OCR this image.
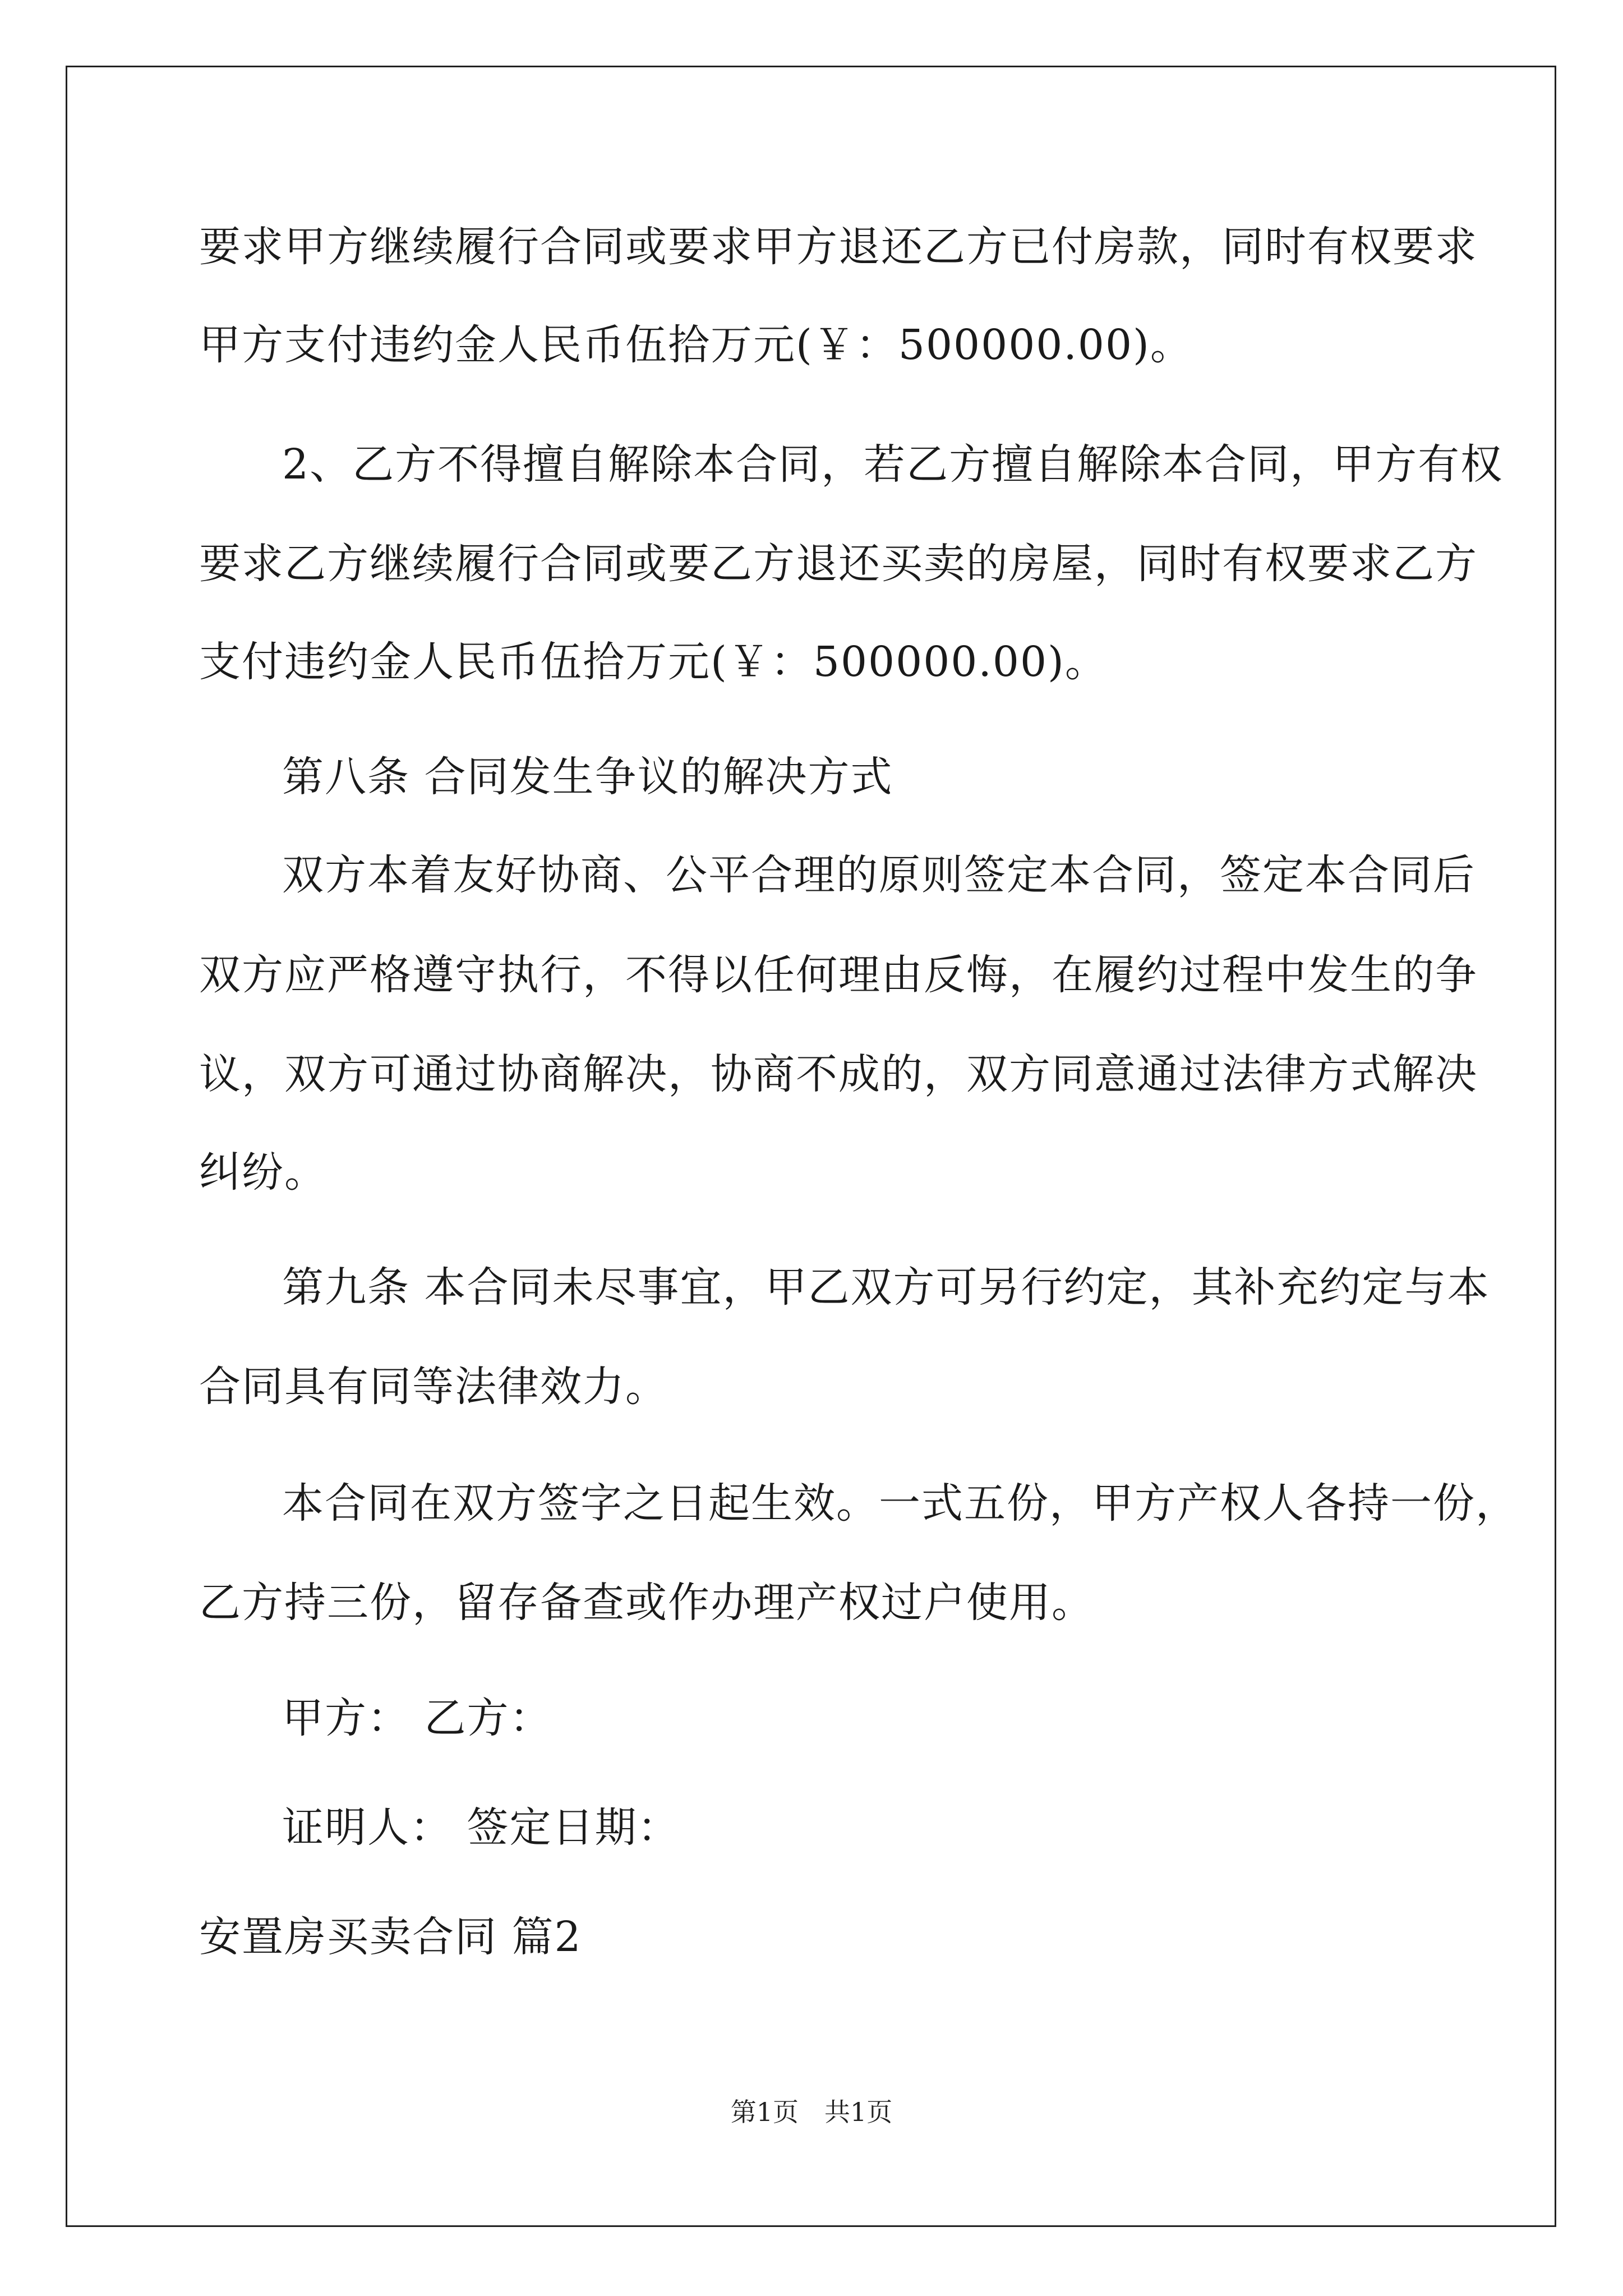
要求甲方继续履行合同或要求甲方退还乙方已付房款，同时有权要求
甲方支付违约金人民币伍拾万元(￥：500000.00)。
2、乙方不得擅自解除本合同，若乙方擅自解除本合同，甲方有权
要求乙方继续履行合同或要乙方退还买卖的房屋，同时有权要求乙方
支付违约金人民币伍拾万元(￥：500000.00)。
第八条 合同发生争议的解决方式
双方本着友好协商、公平合理的原则签定本合同，签定本合同后
双方应严格遵守执行，不得以任何理由反悔，在履约过程中发生的争
议，双方可通过协商解决，协商不成的，双方同意通过法律方式解决
纠纷。
第九条 本合同未尽事宜，甲乙双方可另行约定，其补充约定与本
合同具有同等法律效力。
本合同在双方签字之日起生效。一式五份，甲方产权人各持一份，
乙方持三份，留存备查或作办理产权过户使用。
甲方： 乙方：
证明人： 签定日期：
安置房买卖合同 篇2
第1页　共1页
